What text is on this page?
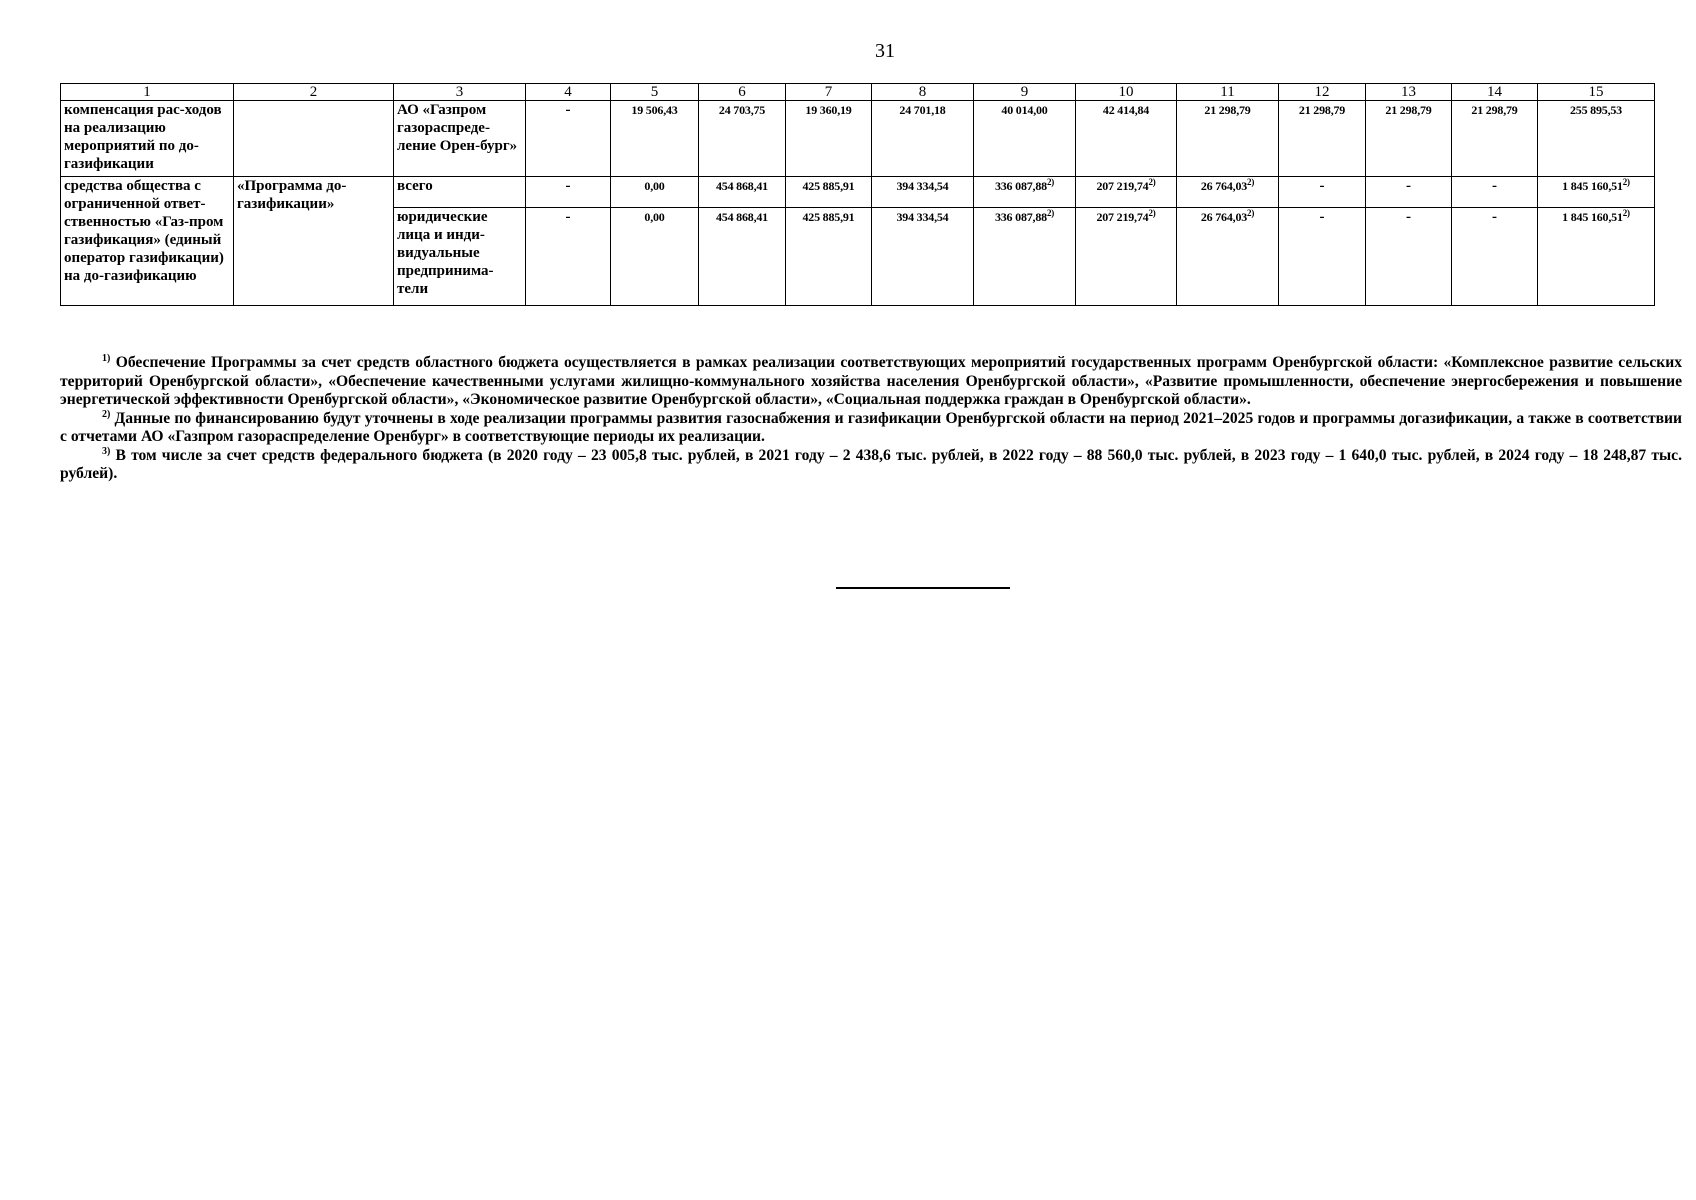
31
1	2	3	4	5	6	7	8	9	10	11	12	13	14	15
компенсация рас-ходов на реализацию мероприятий по до-газификации		АО «Газпром газораспреде-ление Орен-бург»	-	19 506,43	24 703,75	19 360,19	24 701,18	40 014,00	42 414,84	21 298,79	21 298,79	21 298,79	21 298,79	255 895,53
средства общества с ограниченной ответ-ственностью «Газ-пром газификация» (единый оператор газификации) на до-газификацию	«Программа до-газификации»	всего	-	0,00	454 868,41	425 885,91	394 334,54	336 087,88$^{2)}$	207 219,74$^{2)}$	26 764,03$^{2)}$	-	-	-	1 845 160,51$^{2)}$
		юридические лица и инди-видуальные предпринима-тели	-	0,00	454 868,41	425 885,91	394 334,54	336 087,88$^{2)}$	207 219,74$^{2)}$	26 764,03$^{2)}$	-	-	-	1 845 160,51$^{2)}$

$^{1)}$ Обеспечение Программы за счет средств областного бюджета осуществляется в рамках реализации соответствующих мероприятий государственных программ Оренбургской области: «Комплексное развитие сельских территорий Оренбургской области», «Обеспечение качественными услугами жилищно-коммунального хозяйства населения Оренбургской области», «Развитие промышленности, обеспечение энергосбережения и повышение энергетической эффективности Оренбургской области», «Экономическое развитие Оренбургской области», «Социальная поддержка граждан в Оренбургской области».

$^{2)}$ Данные по финансированию будут уточнены в ходе реализации программы развития газоснабжения и газификации Оренбургской области на период 2021–2025 годов и программы догазификации, а также в соответствии с отчетами АО «Газпром газораспределение Оренбург» в соответствующие периоды их реализации.

$^{3)}$ В том числе за счет средств федерального бюджета (в 2020 году – 23 005,8 тыс. рублей, в 2021 году – 2 438,6 тыс. рублей, в 2022 году – 88 560,0 тыс. рублей, в 2023 году – 1 640,0 тыс. рублей, в 2024 году – 18 248,87 тыс. рублей).
